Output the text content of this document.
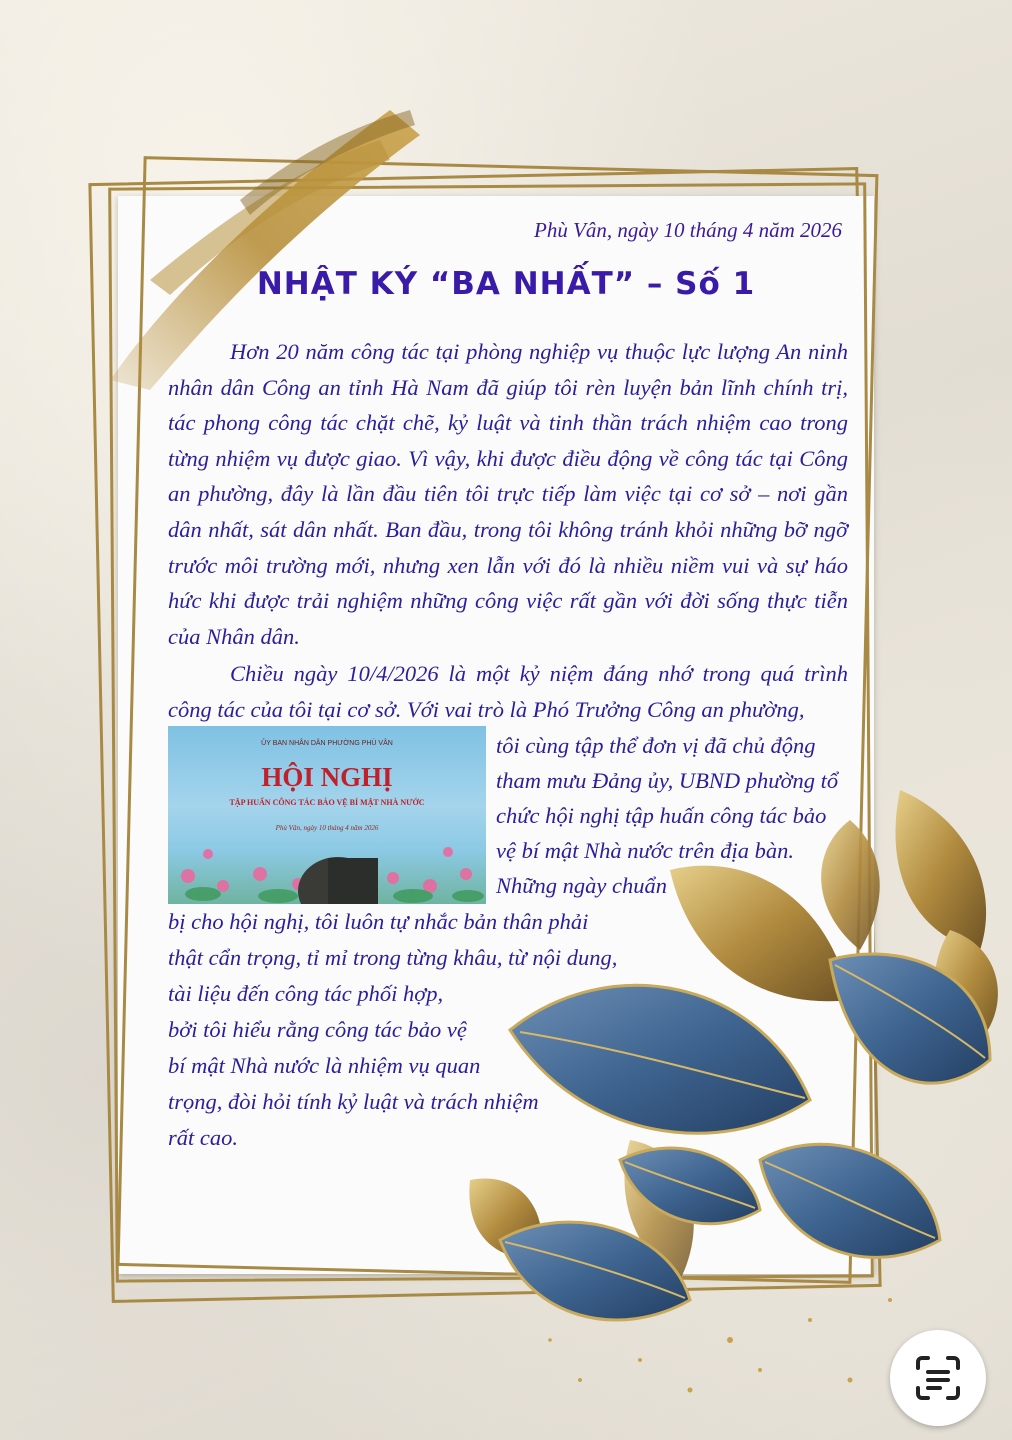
Phù Vân, ngày 10 tháng 4 năm 2026
NHẬT KÝ “BA NHẤT” – Số 1
Hơn 20 năm công tác tại phòng nghiệp vụ thuộc lực lượng An ninh nhân dân Công an tỉnh Hà Nam đã giúp tôi rèn luyện bản lĩnh chính trị, tác phong công tác chặt chẽ, kỷ luật và tinh thần trách nhiệm cao trong từng nhiệm vụ được giao. Vì vậy, khi được điều động về công tác tại Công an phường, đây là lần đầu tiên tôi trực tiếp làm việc tại cơ sở – nơi gần dân nhất, sát dân nhất. Ban đầu, trong tôi không tránh khỏi những bỡ ngỡ trước môi trường mới, nhưng xen lẫn với đó là nhiều niềm vui và sự háo hức khi được trải nghiệm những công việc rất gần với đời sống thực tiễn của Nhân dân.
Chiều ngày 10/4/2026 là một kỷ niệm đáng nhớ trong quá trình công tác của tôi tại cơ sở. Với vai trò là Phó Trưởng Công an phường,
ỦY BAN NHÂN DÂN PHƯỜNG PHÙ VÂN
HỘI NGHỊ
TẬP HUẤN CÔNG TÁC BẢO VỆ BÍ MẬT NHÀ NƯỚC
Phù Vân, ngày 10 tháng 4 năm 2026
tôi cùng tập thể đơn vị đã chủ động tham mưu Đảng ủy, UBND phường tổ chức hội nghị tập huấn công tác bảo vệ bí mật Nhà nước trên địa bàn. Những ngày chuẩn
bị cho hội nghị, tôi luôn tự nhắc bản thân phải
thật cẩn trọng, tỉ mỉ trong từng khâu, từ nội dung,
tài liệu đến công tác phối hợp,
bởi tôi hiểu rằng công tác bảo vệ
bí mật Nhà nước là nhiệm vụ quan
trọng, đòi hỏi tính kỷ luật và trách nhiệm
rất cao.
